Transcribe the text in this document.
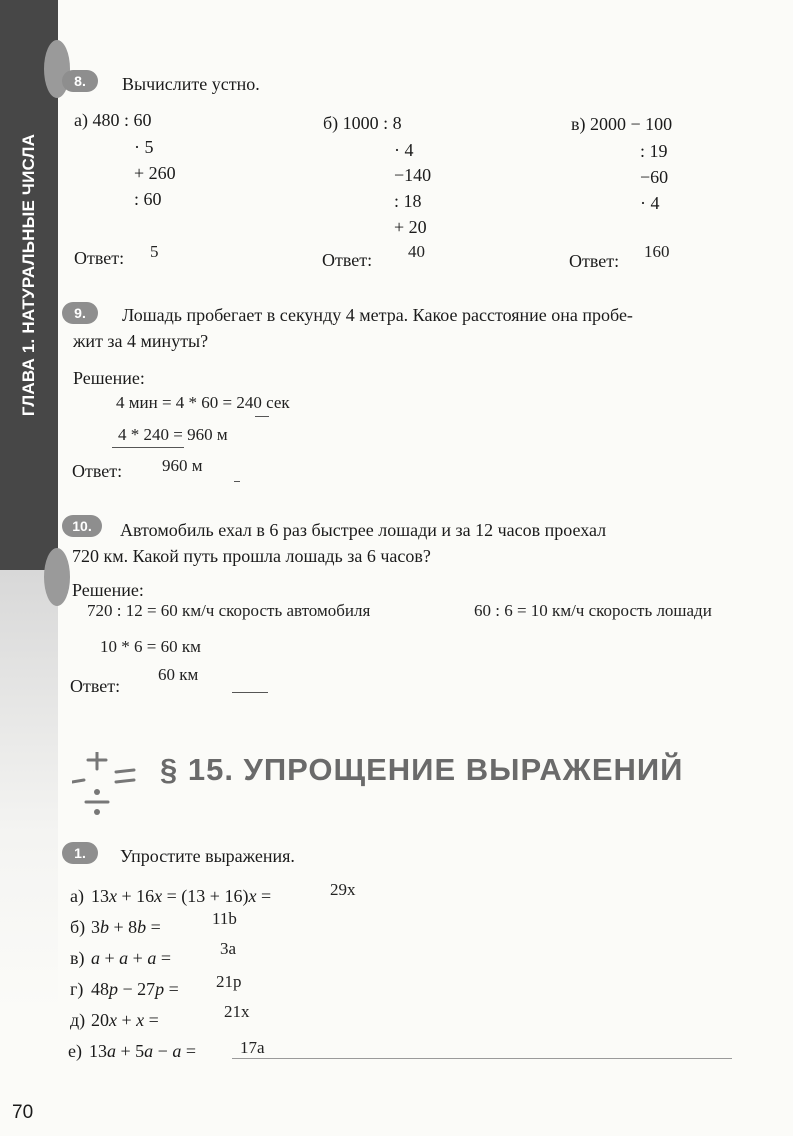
ГЛАВА 1. НАТУРАЛЬНЫЕ ЧИСЛА
8.	Вычислите устно.
а) 480 : 60
· 5
+ 260
: 60
Ответ: 5
б) 1000 : 8
· 4
−140
: 18
+ 20
Ответ: 40
в) 2000 − 100
: 19
−60
· 4
Ответ: 160
9.	Лошадь пробегает в секунду 4 метра. Какое расстояние она пробе-
жит за 4 минуты?
Решение:
4 мин = 4 * 60 = 240 сек
4 * 240 = 960 м
Ответ: 960 м
10.	Автомобиль ехал в 6 раз быстрее лошади и за 12 часов проехал
720 км. Какой путь прошла лошадь за 6 часов?
Решение:
720 : 12 = 60 км/ч скорость автомобиля	60 : 6 = 10 км/ч скорость лошади
10 * 6 = 60 км
Ответ:
60 км
§ 15. УПРОЩЕНИЕ ВЫРАЖЕНИЙ
1.	Упростите выражения.
а) 13x + 16x = (13 + 16)x =	29x
б) 3b + 8b =	11b
в) a + a + a =	3a
г) 48p − 27p = 21p
д) 20x + x =	21x
е) 13a + 5a − a =	17a
70
